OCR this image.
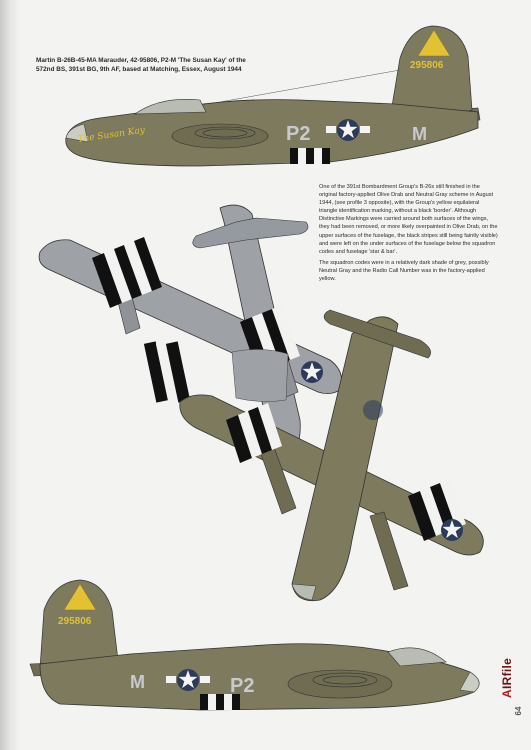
Martin B-26B-45-MA Marauder, 42-95806, P2-M 'The Susan Kay' of the 572nd BS, 391st BG, 9th AF, based at Matching, Essex, August 1944

One of the 391st Bombardment Group's B-26s still finished in the original factory-applied Olive Drab and Neutral Gray scheme in August 1944, (see profile 3 opposite), with the Group's yellow equilateral triangle identification marking, without a black 'border'. Although Distinctive Markings were carried around both surfaces of the wings, they had been removed, or more likely overpainted in Olive Drab, on the upper surfaces of the fuselage, the black stripes still being faintly visible) and were left on the under surfaces of the fuselage below the squadron codes and fuselage 'star & bar'.

The squadron codes were in a relatively dark shade of grey, possibly Neutral Gray and the Radio Call Number was in the factory-applied yellow.

P2	M
295806
The Susan Kay
M	P2
295806
AIRfile
64
